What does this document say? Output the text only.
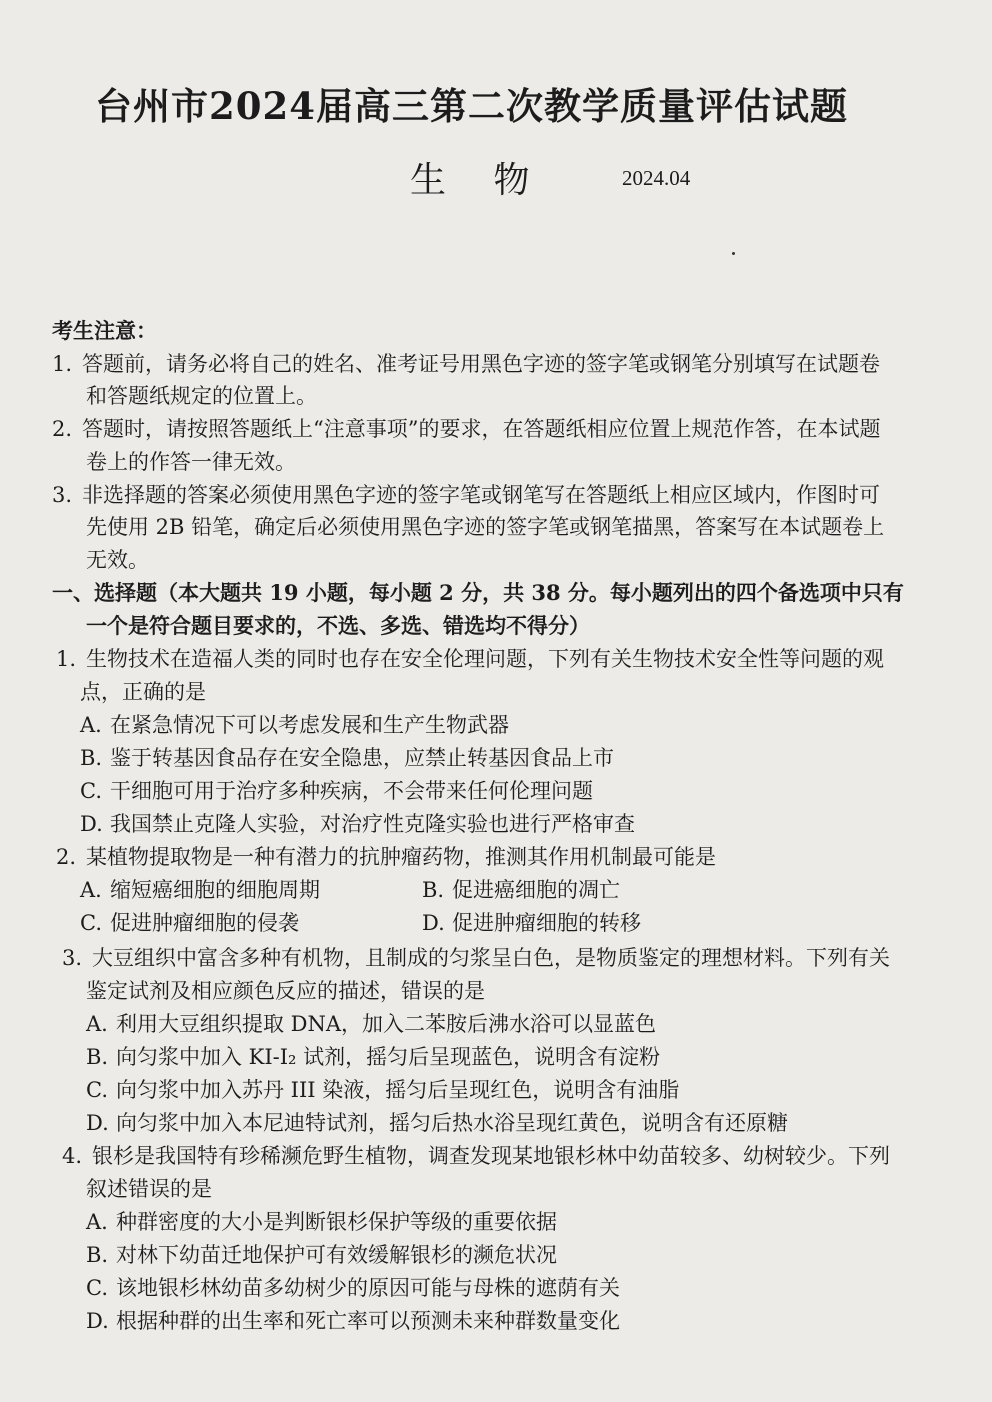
台州市2024届高三第二次教学质量评估试题
生 物	2024.04
考生注意：
1. 答题前，请务必将自己的姓名、准考证号用黑色字迹的签字笔或钢笔分别填写在试题卷
和答题纸规定的位置上。
2. 答题时，请按照答题纸上“注意事项”的要求，在答题纸相应位置上规范作答，在本试题
卷上的作答一律无效。
3. 非选择题的答案必须使用黑色字迹的签字笔或钢笔写在答题纸上相应区域内，作图时可
先使用 2B 铅笔，确定后必须使用黑色字迹的签字笔或钢笔描黑，答案写在本试题卷上
无效。
一、选择题（本大题共 19 小题，每小题 2 分，共 38 分。每小题列出的四个备选项中只有
一个是符合题目要求的，不选、多选、错选均不得分）
1. 生物技术在造福人类的同时也存在安全伦理问题，下列有关生物技术安全性等问题的观
点，正确的是
A. 在紧急情况下可以考虑发展和生产生物武器
B. 鉴于转基因食品存在安全隐患，应禁止转基因食品上市
C. 干细胞可用于治疗多种疾病，不会带来任何伦理问题
D. 我国禁止克隆人实验，对治疗性克隆实验也进行严格审查
2. 某植物提取物是一种有潜力的抗肿瘤药物，推测其作用机制最可能是
A. 缩短癌细胞的细胞周期	B. 促进癌细胞的凋亡
C. 促进肿瘤细胞的侵袭	D. 促进肿瘤细胞的转移
3. 大豆组织中富含多种有机物，且制成的匀浆呈白色，是物质鉴定的理想材料。下列有关
鉴定试剂及相应颜色反应的描述，错误的是
A. 利用大豆组织提取 DNA，加入二苯胺后沸水浴可以显蓝色
B. 向匀浆中加入 KI-I₂ 试剂，摇匀后呈现蓝色，说明含有淀粉
C. 向匀浆中加入苏丹 III 染液，摇匀后呈现红色，说明含有油脂
D. 向匀浆中加入本尼迪特试剂，摇匀后热水浴呈现红黄色，说明含有还原糖
4. 银杉是我国特有珍稀濒危野生植物，调查发现某地银杉林中幼苗较多、幼树较少。下列
叙述错误的是
A. 种群密度的大小是判断银杉保护等级的重要依据
B. 对林下幼苗迁地保护可有效缓解银杉的濒危状况
C. 该地银杉林幼苗多幼树少的原因可能与母株的遮荫有关
D. 根据种群的出生率和死亡率可以预测未来种群数量变化
